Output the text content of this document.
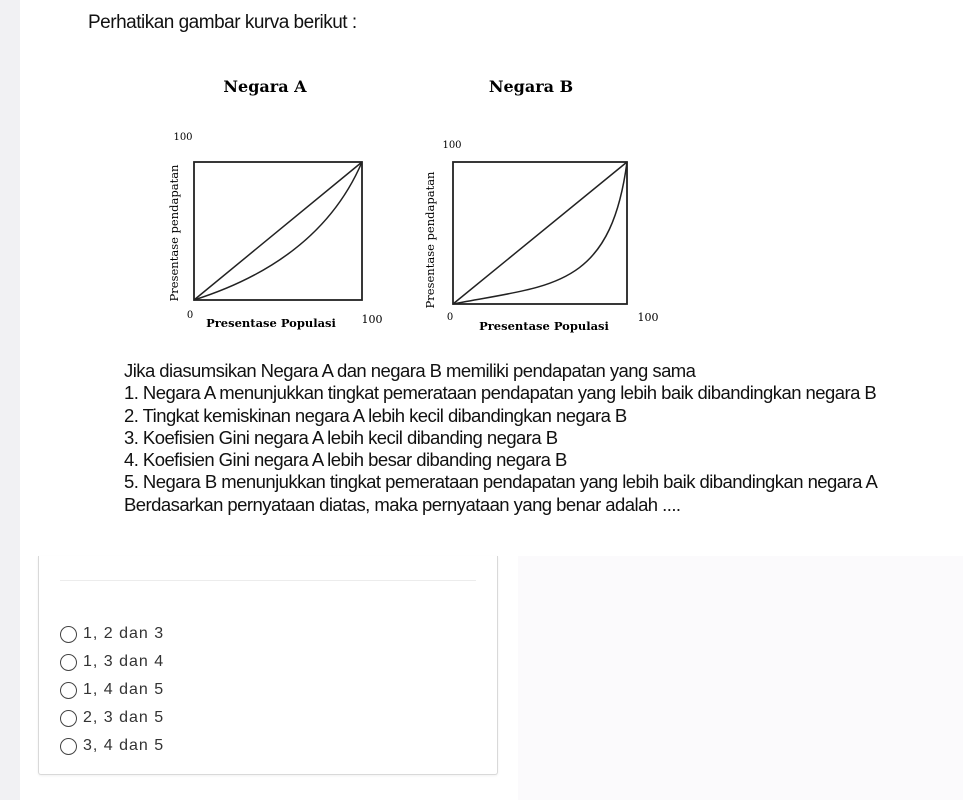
Perhatikan gambar kurva berikut :
Negara A
100
Presentase pendapatan
0
Presentase Populasi 100
Negara B
100
Presentase pendapatan
0
Presentase Populasi
100
Jika diasumsikan Negara A dan negara B memiliki pendapatan yang sama
1. Negara A menunjukkan tingkat pemerataan pendapatan yang lebih baik dibandingkan negara B
2. Tingkat kemiskinan negara A lebih kecil dibandingkan negara B
3. Koefisien Gini negara A lebih kecil dibanding negara B
4. Koefisien Gini negara A lebih besar dibanding negara B
5. Negara B menunjukkan tingkat pemerataan pendapatan yang lebih baik dibandingkan negara A
Berdasarkan pernyataan diatas, maka pernyataan yang benar adalah ....
1, 2 dan 3
1, 3 dan 4
1, 4 dan 5
2, 3 dan 5
3, 4 dan 5
